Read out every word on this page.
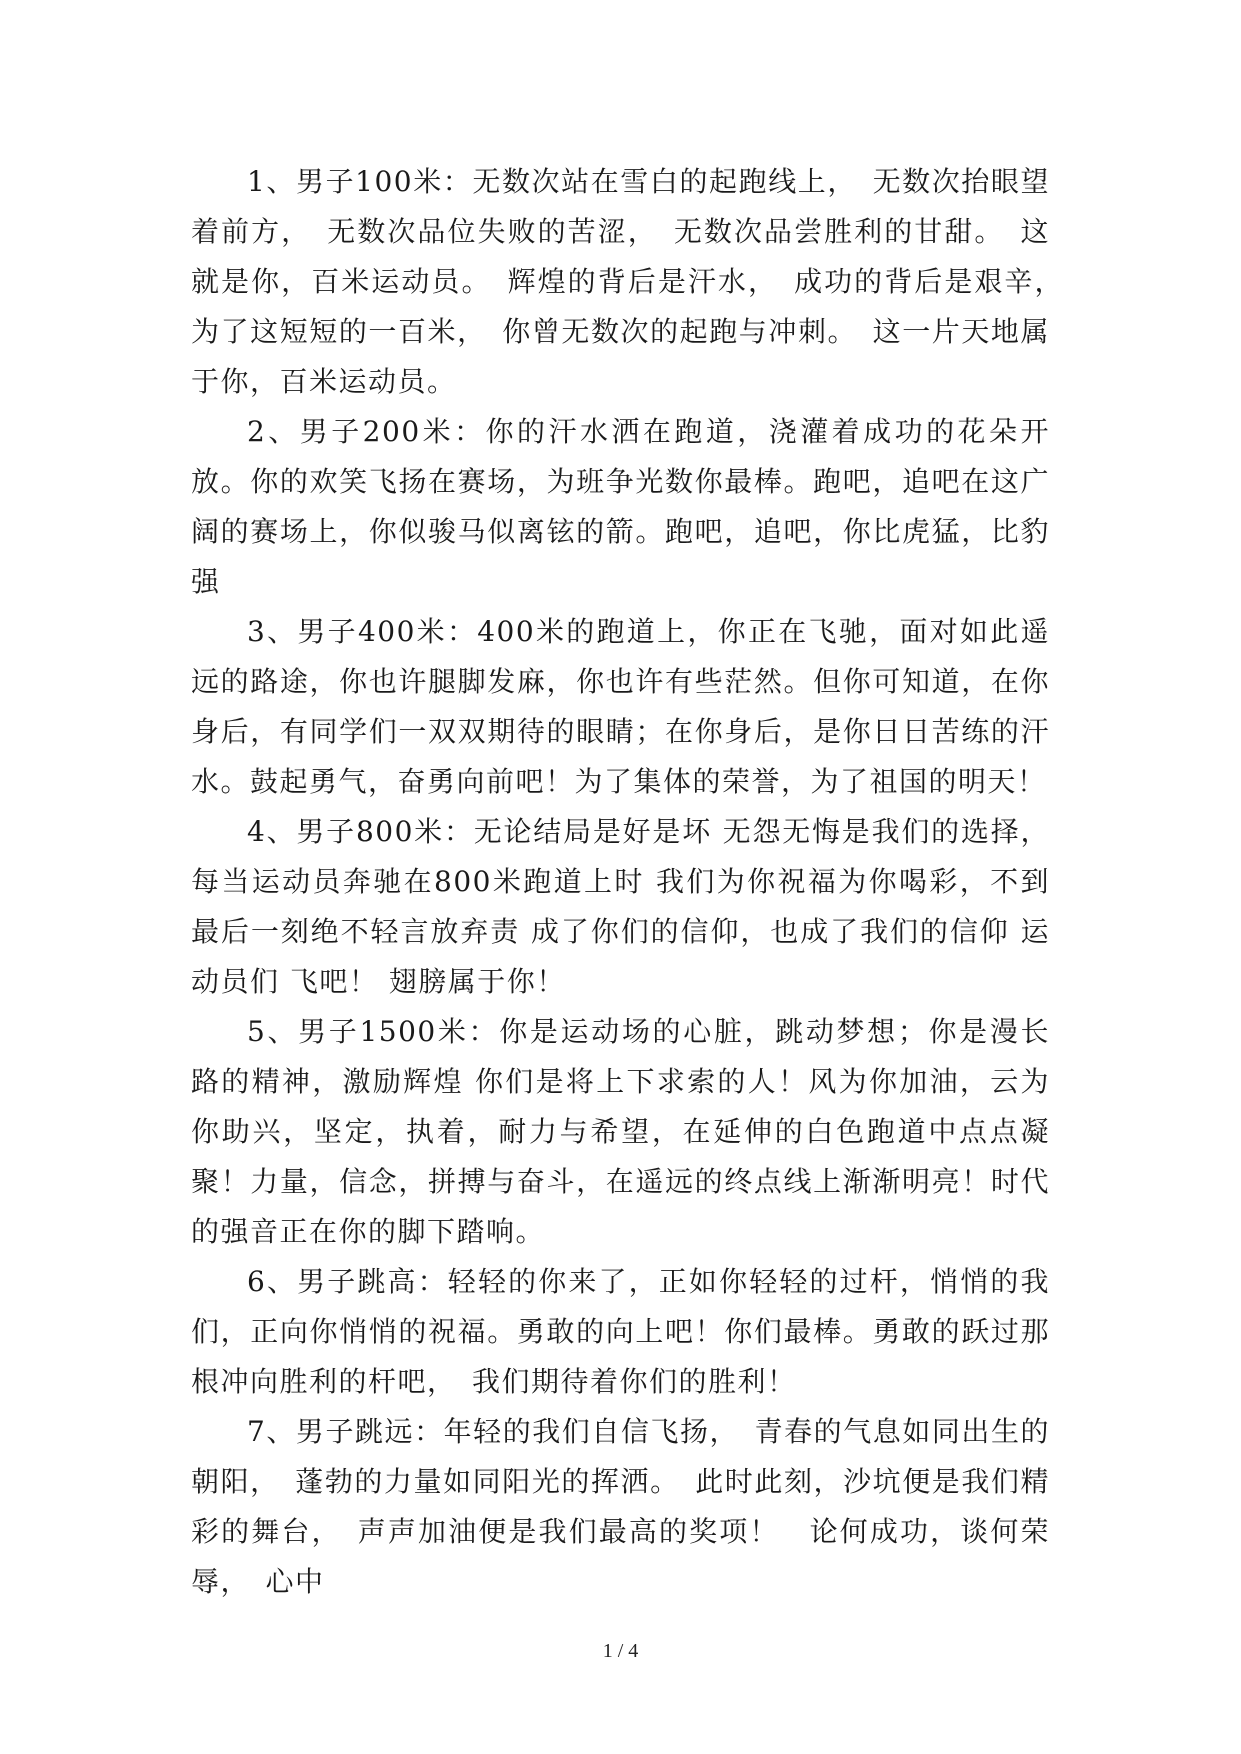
1、男子100米：无数次站在雪白的起跑线上，　无数次抬眼望着前方，　无数次品位失败的苦涩，　无数次品尝胜利的甘甜。　这就是你，百米运动员。　辉煌的背后是汗水，　成功的背后是艰辛，　为了这短短的一百米，　你曾无数次的起跑与冲刺。　这一片天地属于你，百米运动员。

2、男子200米：你的汗水洒在跑道，浇灌着成功的花朵开放。你的欢笑飞扬在赛场，为班争光数你最棒。跑吧，追吧在这广阔的赛场上，你似骏马似离铉的箭。跑吧，追吧，你比虎猛，比豹强

3、男子400米：400米的跑道上，你正在飞驰，面对如此遥远的路途，你也许腿脚发麻，你也许有些茫然。但你可知道，在你身后，有同学们一双双期待的眼睛；在你身后，是你日日苦练的汗水。鼓起勇气，奋勇向前吧！为了集体的荣誉，为了祖国的明天！

4、男子800米：无论结局是好是坏 无怨无悔是我们的选择，每当运动员奔驰在800米跑道上时 我们为你祝福为你喝彩，不到最后一刻绝不轻言放弃责 成了你们的信仰，也成了我们的信仰 运动员们 飞吧！ 翅膀属于你！

5、男子1500米：你是运动场的心脏，跳动梦想；你是漫长路的精神，激励辉煌 你们是将上下求索的人！风为你加油，云为你助兴，坚定，执着，耐力与希望，在延伸的白色跑道中点点凝聚！力量，信念，拼搏与奋斗，在遥远的终点线上渐渐明亮！时代的强音正在你的脚下踏响。

6、男子跳高：轻轻的你来了，正如你轻轻的过杆，悄悄的我们，正向你悄悄的祝福。勇敢的向上吧！你们最棒。勇敢的跃过那根冲向胜利的杆吧，　我们期待着你们的胜利！

7、男子跳远：年轻的我们自信飞扬，　青春的气息如同出生的朝阳，　蓬勃的力量如同阳光的挥洒。　此时此刻，沙坑便是我们精彩的舞台，　声声加油便是我们最高的奖项！　论何成功，谈何荣辱，　心中

1 / 4
